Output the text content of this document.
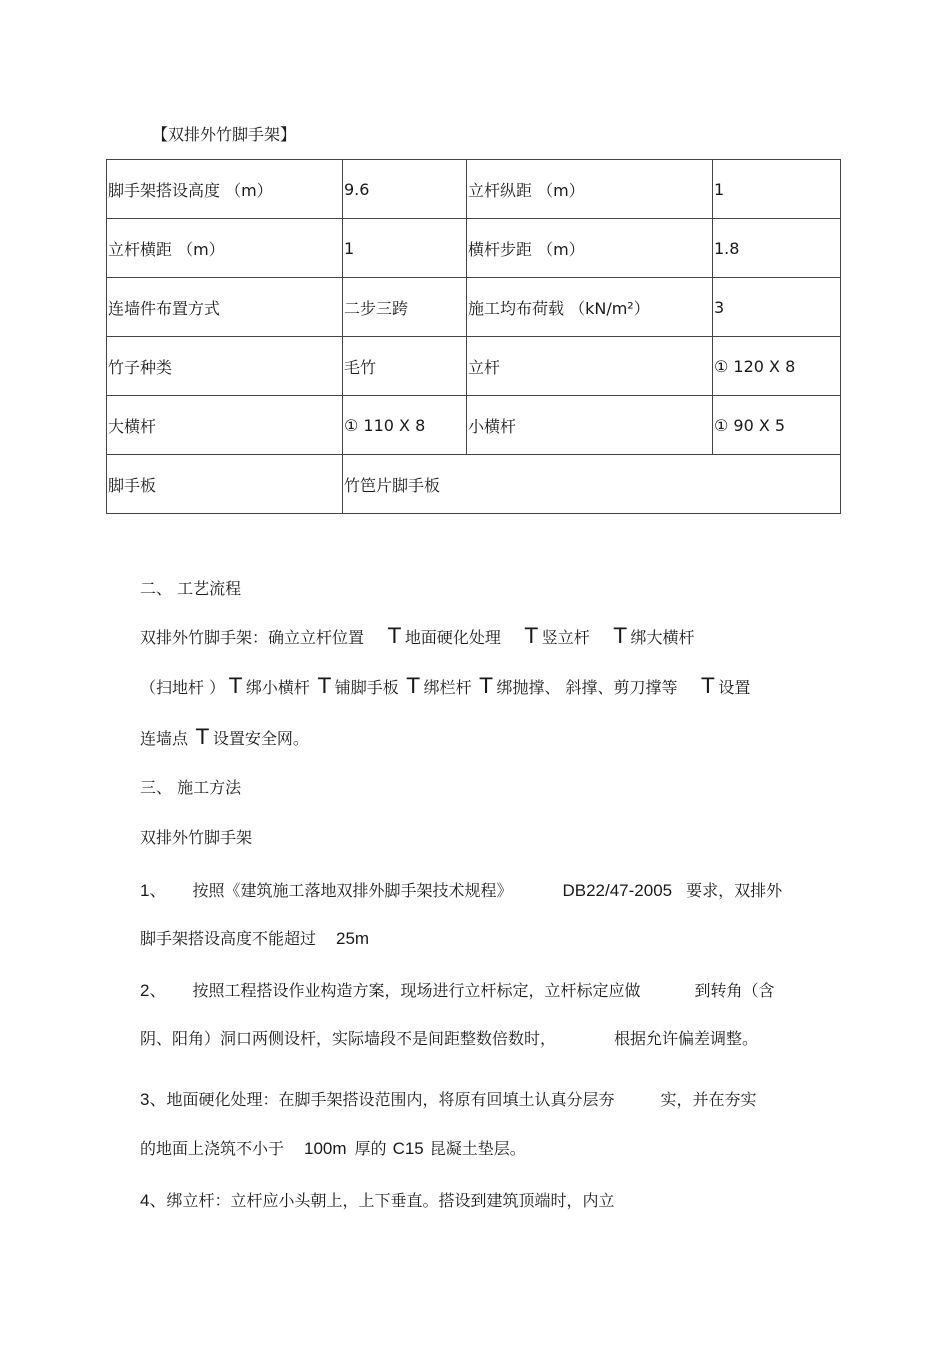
【双排外竹脚手架】
脚手架搭设高度 （m）	9.6	立杆纵距 （m）	1
立杆横距 （m）	1	横杆步距 （m）	1.8
连墙件布置方式	二步三跨	施工均布荷载 （kN/m²）	3
竹子种类	毛竹	立杆	① 120 X 8
大横杆	① 110 X 8	小横杆	① 90 X 5
脚手板	竹笆片脚手板		
二、 工艺流程
双排外竹脚手架：确立立杆位置 T 地面硬化处理 T 竖立杆 T 绑大横杆
（扫地杆 ） T 绑小横杆 T 铺脚手板 T 绑栏杆 T 绑抛撑、 斜撑、剪刀撑等 T 设置
连墙点 T 设置安全网。
三、 施工方法
双排外竹脚手架
1、 按照《建筑施工落地双排外脚手架技术规程》	DB22/47-2005 要求，双排外
脚手架搭设高度不能超过 25m
2、 按照工程搭设作业构造方案，现场进行立杆标定，立杆标定应做	到转角（含
阴、阳角）洞口两侧设杆，实际墙段不是间距整数倍数时，	根据允许偏差调整。
3、地面硬化处理：在脚手架搭设范围内，将原有回填土认真分层夯	实，并在夯实
的地面上浇筑不小于 100m 厚的 C15 昆凝土垫层。
4、绑立杆：立杆应小头朝上，上下垂直。搭设到建筑顶端时，内立
